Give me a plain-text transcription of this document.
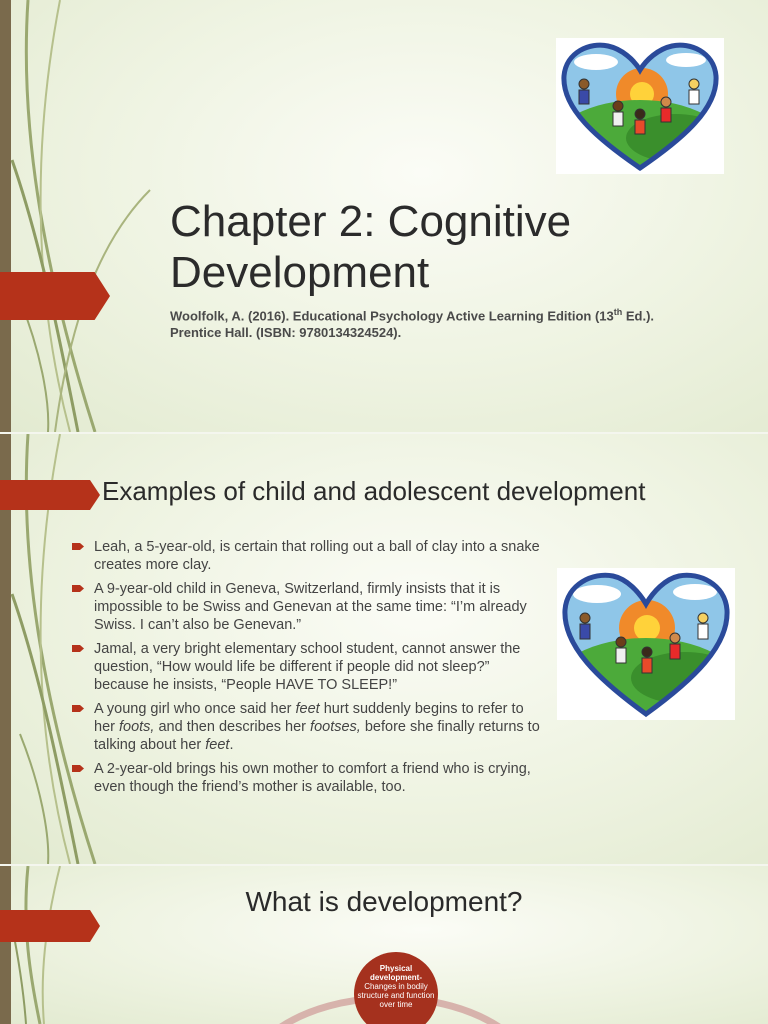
Chapter 2: Cognitive Development
Woolfolk, A. (2016). Educational Psychology Active Learning Edition (13th Ed.).
Prentice Hall. (ISBN: 9780134324524).
Examples of child and adolescent development
Leah, a 5-year-old, is certain that rolling out a ball of clay into a snake creates more clay.
A 9-year-old child in Geneva, Switzerland, firmly insists that it is impossible to be Swiss and Genevan at the same time: “I’m already Swiss. I can’t also be Genevan.”
Jamal, a very bright elementary school student, cannot answer the question, “How would life be different if people did not sleep?” because he insists, “People HAVE TO SLEEP!”
A young girl who once said her feet hurt suddenly begins to refer to her foots, and then describes her footses, before she finally returns to talking about her feet.
A 2-year-old brings his own mother to comfort a friend who is crying, even though the friend’s mother is available, too.
What is development?
Physical development-
Changes in bodily structure and function over time
